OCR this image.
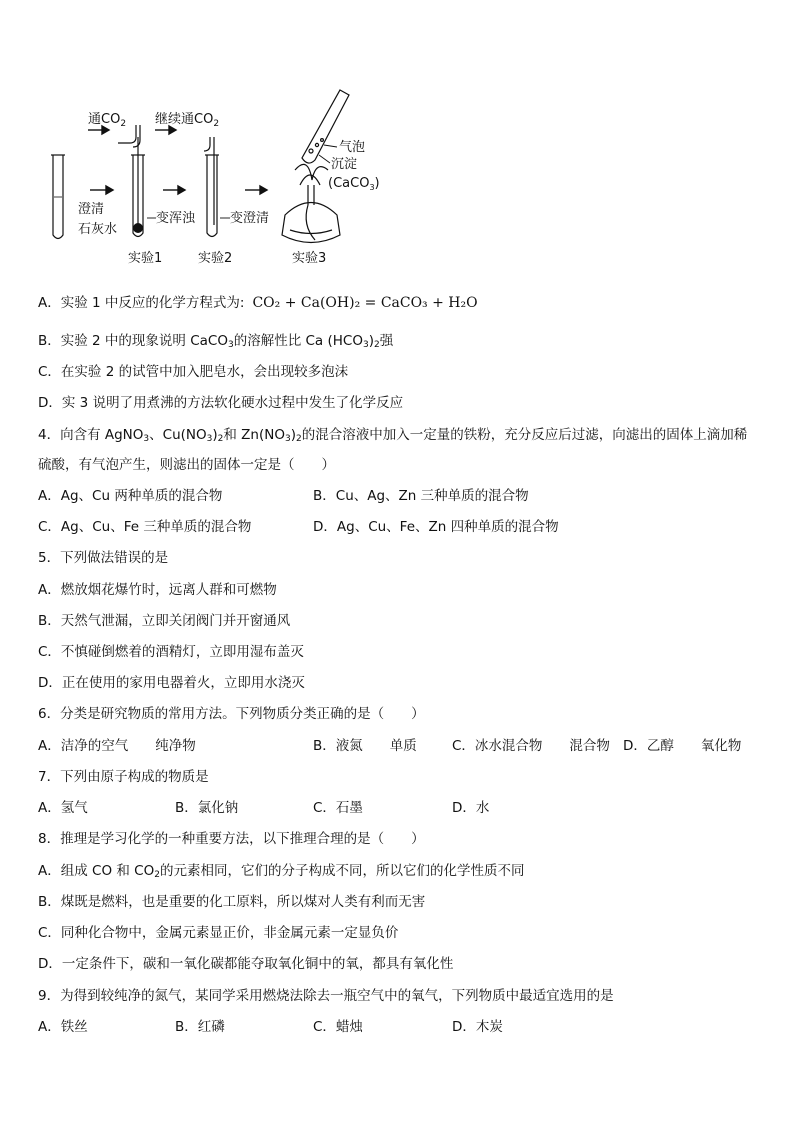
通$CO_2$ 继续通$CO_2$
澄清
石灰水
变浑浊	变澄清
气泡
沉淀
(CaCO$_3$)
实验1	实验2	实验3
A．实验 1 中反应的化学方程式为: CO₂ + Ca(OH)₂ = CaCO₃ + H₂O
B．实验 2 中的现象说明 CaCO$_3$的溶解性比 Ca $(HCO_3)_2$强
C．在实验 2 的试管中加入肥皂水，会出现较多泡沫
D．实 3 说明了用煮沸的方法软化硬水过程中发生了化学反应
4．向含有 AgNO$_3$、$Cu(NO_3)_2$和 $Zn(NO_3)_2$的混合溶液中加入一定量的铁粉，充分反应后过滤，向滤出的固体上滴加稀
硫酸，有气泡产生，则滤出的固体一定是（　　）
A．Ag、Cu 两种单质的混合物	B．Cu、Ag、Zn 三种单质的混合物
C．Ag、Cu、Fe 三种单质的混合物	D．Ag、Cu、Fe、Zn 四种单质的混合物
5．下列做法错误的是
A．燃放烟花爆竹时，远离人群和可燃物
B．天然气泄漏，立即关闭阀门并开窗通风
C．不慎碰倒燃着的酒精灯，立即用湿布盖灭
D．正在使用的家用电器着火，立即用水浇灭
6．分类是研究物质的常用方法。下列物质分类正确的是（　　）
A．洁净的空气　　纯净物	B．液氮　　单质	C．冰水混合物　　混合物 D．乙醇　　氧化物
7．下列由原子构成的物质是
A．氢气	B．氯化钠	C．石墨	D．水
8．推理是学习化学的一种重要方法，以下推理合理的是（　　）
A．组成 CO 和 $CO_2$的元素相同，它们的分子构成不同，所以它们的化学性质不同
B．煤既是燃料，也是重要的化工原料，所以煤对人类有利而无害
C．同种化合物中，金属元素显正价，非金属元素一定显负价
D．一定条件下，碳和一氧化碳都能夺取氧化铜中的氧，都具有氧化性
9．为得到较纯净的氮气，某同学采用燃烧法除去一瓶空气中的氧气，下列物质中最适宜选用的是
A．铁丝	B．红磷	C．蜡烛	D．木炭
